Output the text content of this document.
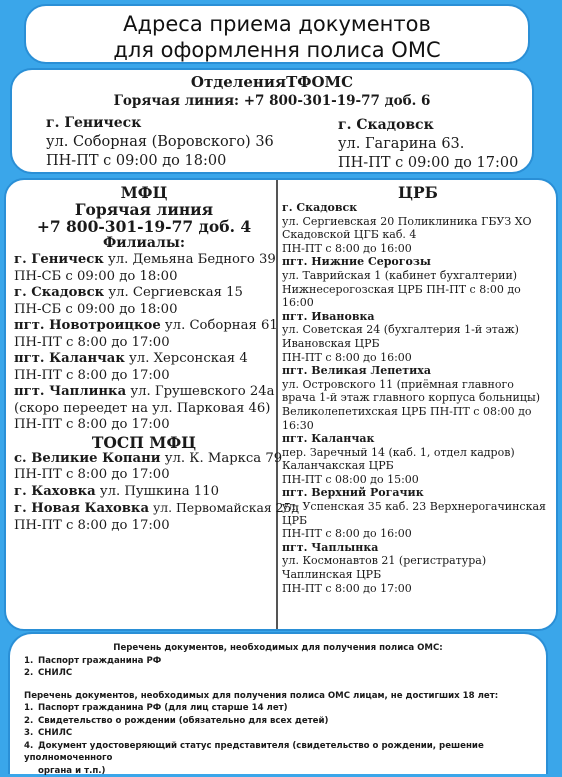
Адреса приема документов
для оформлення полиса ОМС
ОтделенияТФОМС
Горячая линия: +7 800-301-19-77 доб. 6
г. Геническ
ул. Соборная (Воровского) 36
ПН-ПТ с 09:00 до 18:00
г. Скадовск
ул. Гагарина 63.
ПН-ПТ с 09:00 до 17:00
МФЦ
Горячая линия
+7 800-301-19-77 доб. 4
Филиалы:
г. Геническ ул. Демьяна Бедного 39
ПН-СБ с 09:00 до 18:00
г. Скадовск ул. Сергиевская 15
ПН-СБ с 09:00 до 18:00
пгт. Новотроицкое ул. Соборная 61
ПН-ПТ с 8:00 до 17:00
пгт. Каланчак ул. Херсонская 4
ПН-ПТ с 8:00 до 17:00
пгт. Чаплинка ул. Грушевского 24а
(скоро переедет на ул. Парковая 46)
ПН-ПТ с 8:00 до 17:00
ТОСП МФЦ
с. Великие Копани ул. К. Маркса 79
ПН-ПТ с 8:00 до 17:00
г. Каховка ул. Пушкина 110
г. Новая Каховка ул. Первомайская 25д
ПН-ПТ с 8:00 до 17:00
ЦРБ
г. Скадовск
ул. Сергиевская 20 Поликлиника ГБУЗ ХО
Скадовской ЦГБ каб. 4
ПН-ПТ с 8:00 до 16:00
пгт. Нижние Серогозы
ул. Таврийская 1 (кабинет бухгалтерии)
Нижнесерогозская ЦРБ ПН-ПТ с 8:00 до
16:00
пгт. Ивановка
ул. Советская 24 (бухгалтерия 1-й этаж)
Ивановская ЦРБ
ПН-ПТ с 8:00 до 16:00
пгт. Великая Лепетиха
ул. Островского 11 (приёмная главного
врача 1-й этаж главного корпуса больницы)
Великолепетихская ЦРБ ПН-ПТ с 08:00 до
16:30
пгт. Каланчак
пер. Заречный 14 (каб. 1, отдел кадров)
Каланчакская ЦРБ
ПН-ПТ с 08:00 до 15:00
пгт. Верхний Рогачик
ул. Успенская 35 каб. 23 Верхнерогачинская
ЦРБ
ПН-ПТ с 8:00 до 16:00
пгт. Чаплынка
ул. Космонавтов 21 (регистратура)
Чаплинская ЦРБ
ПН-ПТ с 8:00 до 17:00
Перечень документов, необходимых для получения полиса ОМС:
1. Паспорт гражданина РФ
2. СНИЛС
Перечень документов, необходимых для получения полиса ОМС лицам, не достигших 18 лет:
1. Паспорт гражданина РФ (для лиц старше 14 лет)
2. Свидетельство о рождении (обязательно для всех детей)
3. СНИЛС
4. Документ удостоверяющий статус представителя (свидетельство о рождении, решение уполномоченного
органа и т.п.)
